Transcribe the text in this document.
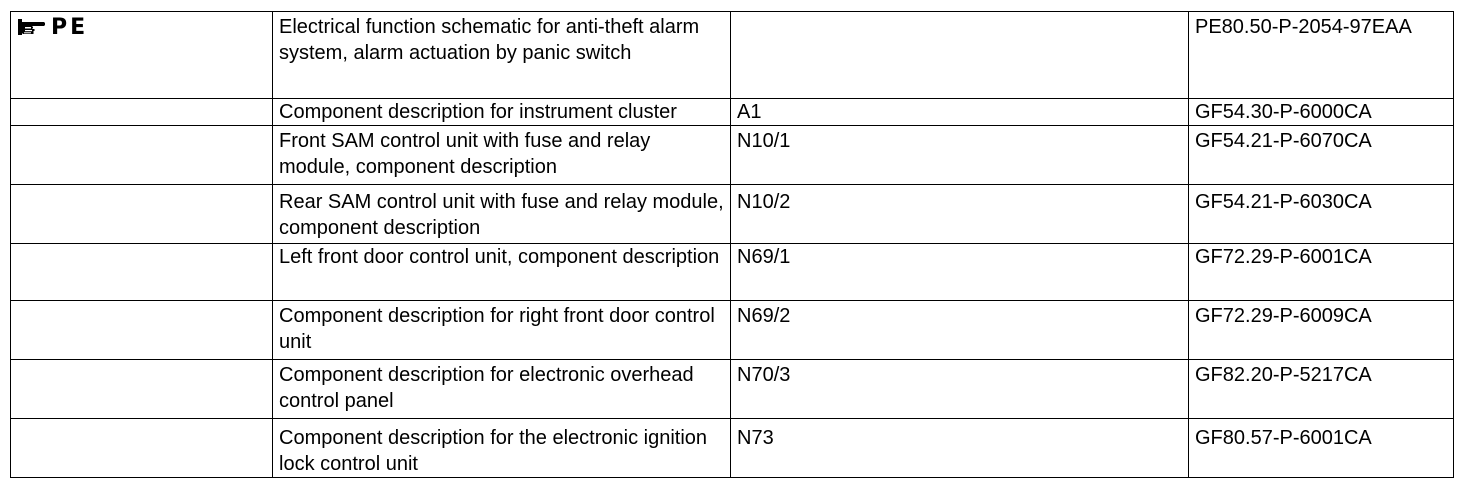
PE	Electrical function schematic for anti-theft alarm system, alarm actuation by panic switch		PE80.50-P-2054-97EAA
	Component description for instrument cluster	A1	GF54.30-P-6000CA
	Front SAM control unit with fuse and relay module, component description	N10/1	GF54.21-P-6070CA
	Rear SAM control unit with fuse and relay module, component description	N10/2	GF54.21-P-6030CA
	Left front door control unit, component description	N69/1	GF72.29-P-6001CA
	Component description for right front door control unit	N69/2	GF72.29-P-6009CA
	Component description for electronic overhead control panel	N70/3	GF82.20-P-5217CA
	Component description for the electronic ignition lock control unit	N73	GF80.57-P-6001CA
